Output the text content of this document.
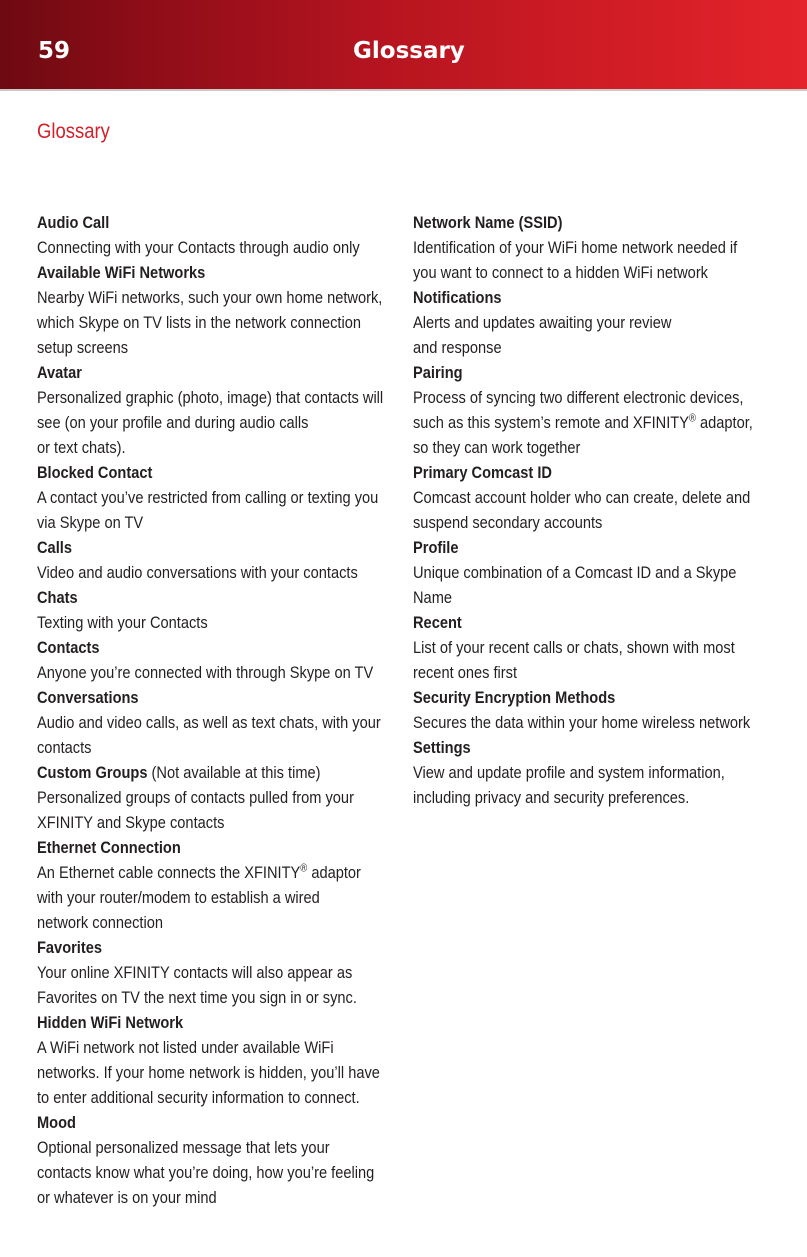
59	Glossary
Glossary
Audio Call
Connecting with your Contacts through audio only
Available WiFi Networks
Nearby WiFi networks, such your own home network,
which Skype on TV lists in the network connection
setup screens
Avatar
Personalized graphic (photo, image) that contacts will
see (on your profile and during audio calls
or text chats).
Blocked Contact
A contact you’ve restricted from calling or texting you
via Skype on TV
Calls
Video and audio conversations with your contacts
Chats
Texting with your Contacts
Contacts
Anyone you’re connected with through Skype on TV
Conversations
Audio and video calls, as well as text chats, with your
contacts
Custom Groups (Not available at this time)
Personalized groups of contacts pulled from your
XFINITY and Skype contacts
Ethernet Connection
An Ethernet cable connects the XFINITY® adaptor
with your router/modem to establish a wired
network connection
Favorites
Your online XFINITY contacts will also appear as
Favorites on TV the next time you sign in or sync.
Hidden WiFi Network
A WiFi network not listed under available WiFi
networks. If your home network is hidden, you’ll have
to enter additional security information to connect.
Mood
Optional personalized message that lets your
contacts know what you’re doing, how you’re feeling
or whatever is on your mind
Network Name (SSID)
Identification of your WiFi home network needed if
you want to connect to a hidden WiFi network
Notifications
Alerts and updates awaiting your review
and response
Pairing
Process of syncing two different electronic devices,
such as this system’s remote and XFINITY® adaptor,
so they can work together
Primary Comcast ID
Comcast account holder who can create, delete and
suspend secondary accounts
Profile
Unique combination of a Comcast ID and a Skype
Name
Recent
List of your recent calls or chats, shown with most
recent ones first
Security Encryption Methods
Secures the data within your home wireless network
Settings
View and update profile and system information,
including privacy and security preferences.
